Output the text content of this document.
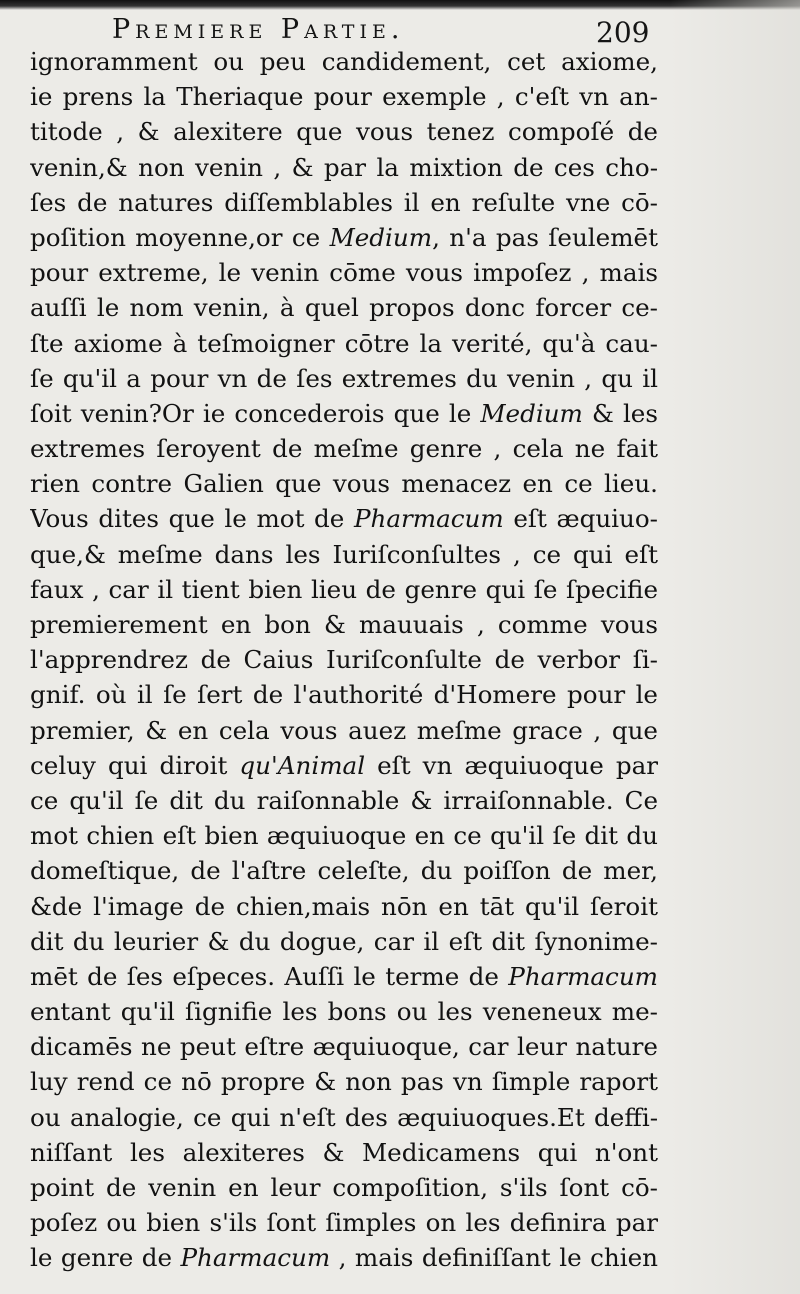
Premiere Partie.	209
ignoramment ou peu candidement, cet axiome,
ie prens la Theriaque pour exemple , c'eſt vn an-
titode , & alexitere que vous tenez compoſé de
venin,& non venin , & par la mixtion de ces cho-
ſes de natures diſſemblables il en reſulte vne cō-
poſition moyenne,or ce Medium, n'a pas ſeulemēt
pour extreme, le venin cōme vous impoſez , mais
auſſi le nom venin, à quel propos donc forcer ce-
ſte axiome à teſmoigner cōtre la verité, qu'à cau-
ſe qu'il a pour vn de ſes extremes du venin , qu il
ſoit venin?Or ie concederois que le Medium & les
extremes ſeroyent de meſme genre , cela ne fait
rien contre Galien que vous menacez en ce lieu.
Vous dites que le mot de Pharmacum eſt æquiuo-
que,& meſme dans les Iuriſconſultes , ce qui eſt
faux , car il tient bien lieu de genre qui ſe ſpecifie
premierement en bon & mauuais , comme vous
l'apprendrez de Caius Iuriſconſulte de verbor ſi-
gnif. où il ſe ſert de l'authorité d'Homere pour le
premier, & en cela vous auez meſme grace , que
celuy qui diroit qu'Animal eſt vn æquiuoque par
ce qu'il ſe dit du raiſonnable & irraiſonnable. Ce
mot chien eſt bien æquiuoque en ce qu'il ſe dit du
domeſtique, de l'aſtre celeſte, du poiſſon de mer,
&de l'image de chien,mais nōn en tāt qu'il ſeroit
dit du leurier & du dogue, car il eſt dit ſynonime-
mēt de ſes eſpeces. Auſſi le terme de Pharmacum
entant qu'il ſignifie les bons ou les veneneux me-
dicamēs ne peut eſtre æquiuoque, car leur nature
luy rend ce nō propre & non pas vn ſimple raport
ou analogie, ce qui n'eſt des æquiuoques.Et deffi-
niſſant les alexiteres & Medicamens qui n'ont
point de venin en leur compoſition, s'ils ſont cō-
poſez ou bien s'ils ſont ſimples on les definira par
le genre de Pharmacum , mais definiſſant le chien
